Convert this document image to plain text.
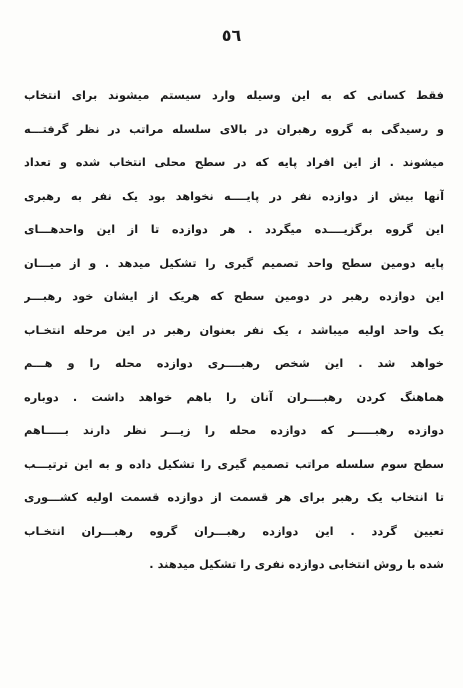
٥٦
فقط کسانی که به این وسیله وارد سیستم میشوند برای انتخاب
و رسیدگی به گروه رهبران در بالای سلسله مراتب در نظر گرفتـــه
میشوند . از این افراد پایه که در سطح محلی انتخاب شده و تعداد
آنها بیش از دوازده نفر در پایــــه نخواهد بود یک نفر به رهبری
این گروه برگزیــــده میگردد . هر دوازده تا از این واحدهـــای
پایه دومین سطح واحد تصمیم گیری را تشکیل میدهد . و از میـــان
این دوازده رهبر در دومین سطح که هریک از ایشان خود رهبـــر
یک واحد اولیه میباشد ، یک نفر بعنوان رهبر در این مرحله انتخـاب
خواهد شد . این شخص رهبــــری دوازده محله را و هـــم
هماهنگ کردن رهبــــران آنان را باهم خواهد داشت . دوباره
دوازده رهبـــــر که دوازده محله را زیـــر نظر دارند بـــــاهم
سطح سوم سلسله مراتب تصمیم گیری را تشکیل داده و به این ترتیـــب
تا انتخاب یک رهبر برای هر قسمت از دوازده قسمت اولیه کشـــوری
تعیین گردد . این دوازده رهبـــران گروه رهبـــران انتخـاب
شده با روش انتخابی دوازده نفری را تشکیل میدهند .
